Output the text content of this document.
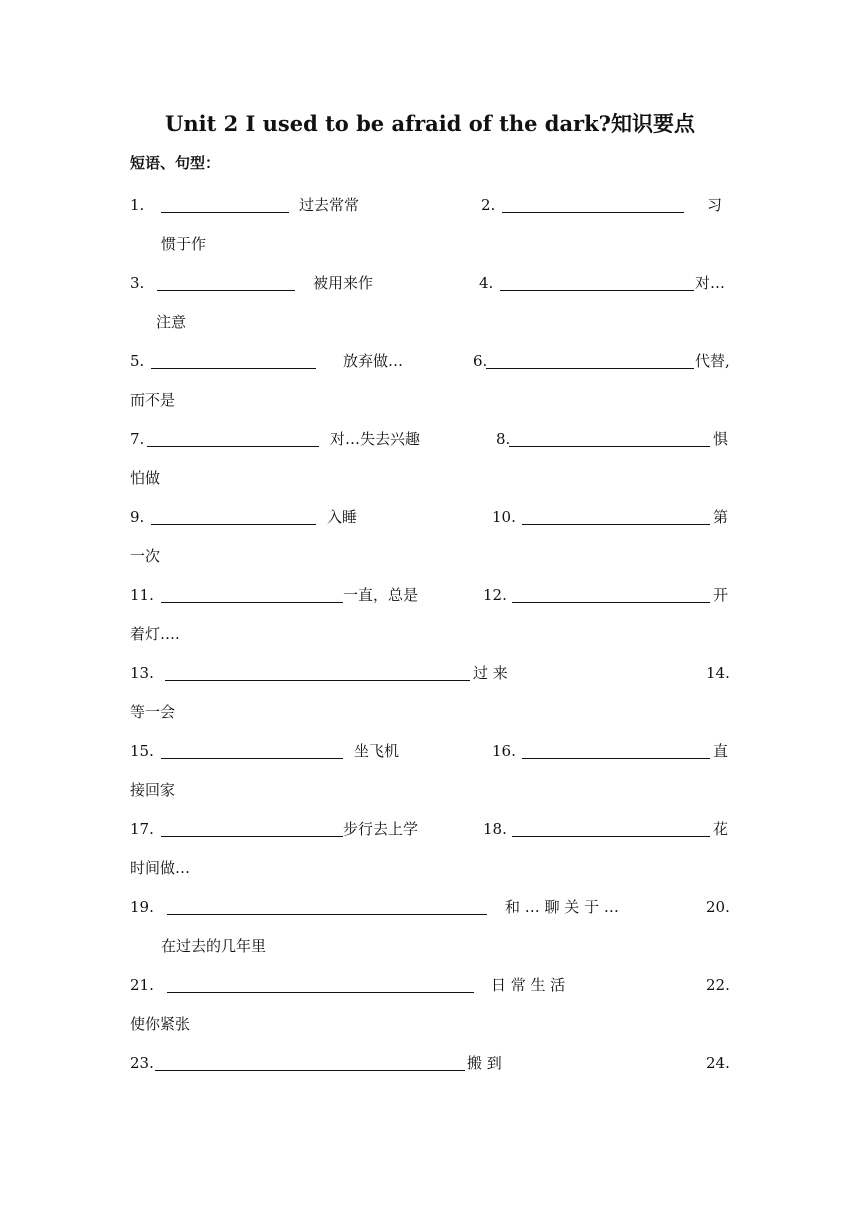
Unit 2 I used to be afraid of the dark?知识要点
短语、句型：
1.	过去常常	2.	习
惯于作
3.	被用来作	4.	对…
注意
5.	放弃做…	6.	代替,
而不是
7.	对…失去兴趣	8.	惧
怕做
9.	入睡	10.	第
一次
11.	一直，总是	12.	开
着灯….
13.	过 来	14.
等一会
15.	坐飞机	16.	直
接回家
17.	步行去上学	18.	花
时间做…
19.	和 … 聊 关 于 …	20.
在过去的几年里
21.	日 常 生 活	22.
使你紧张
23.	搬 到	24.
